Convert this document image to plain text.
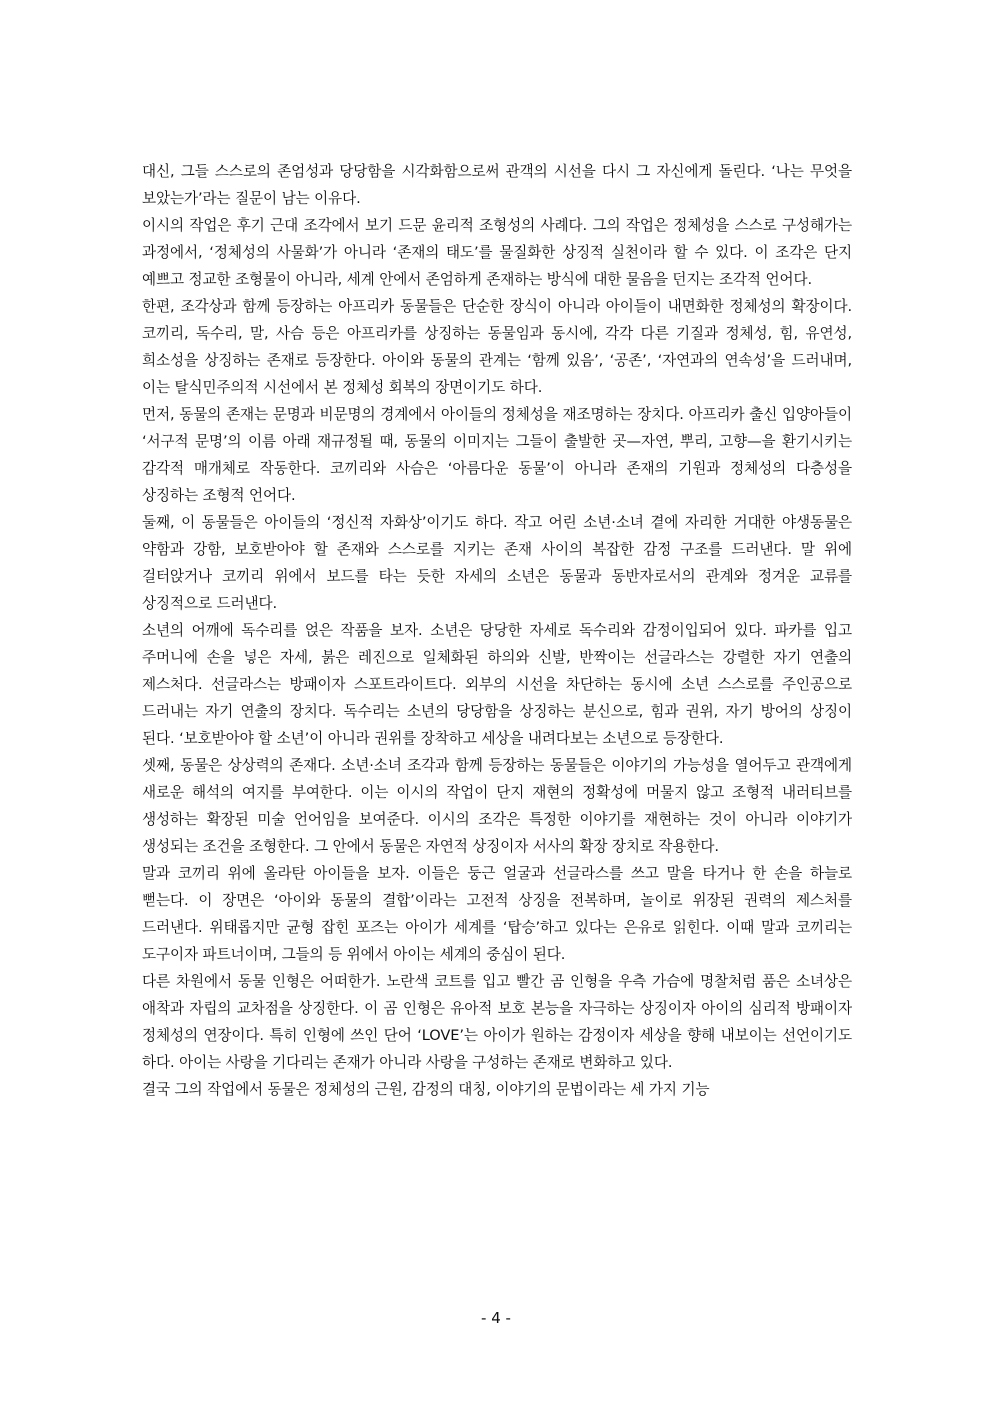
대신, 그들 스스로의 존엄성과 당당함을 시각화함으로써 관객의 시선을 다시 그 자신에게 돌린다. ‘나는 무엇을 보았는가’라는 질문이 남는 이유다.

이시의 작업은 후기 근대 조각에서 보기 드문 윤리적 조형성의 사례다. 그의 작업은 정체성을 스스로 구성해가는 과정에서, ‘정체성의 사물화’가 아니라 ‘존재의 태도’를 물질화한 상징적 실천이라 할 수 있다. 이 조각은 단지 예쁘고 정교한 조형물이 아니라, 세계 안에서 존엄하게 존재하는 방식에 대한 물음을 던지는 조각적 언어다.

한편, 조각상과 함께 등장하는 아프리카 동물들은 단순한 장식이 아니라 아이들이 내면화한 정체성의 확장이다. 코끼리, 독수리, 말, 사슴 등은 아프리카를 상징하는 동물임과 동시에, 각각 다른 기질과 정체성, 힘, 유연성, 희소성을 상징하는 존재로 등장한다. 아이와 동물의 관계는 ‘함께 있음’, ‘공존’, ‘자연과의 연속성’을 드러내며, 이는 탈식민주의적 시선에서 본 정체성 회복의 장면이기도 하다.

먼저, 동물의 존재는 문명과 비문명의 경계에서 아이들의 정체성을 재조명하는 장치다. 아프리카 출신 입양아들이 ‘서구적 문명’의 이름 아래 재규정될 때, 동물의 이미지는 그들이 출발한 곳—자연, 뿌리, 고향—을 환기시키는 감각적 매개체로 작동한다. 코끼리와 사슴은 ‘아름다운 동물’이 아니라 존재의 기원과 정체성의 다층성을 상징하는 조형적 언어다.

둘째, 이 동물들은 아이들의 ‘정신적 자화상’이기도 하다. 작고 어린 소년·소녀 곁에 자리한 거대한 야생동물은 약함과 강함, 보호받아야 할 존재와 스스로를 지키는 존재 사이의 복잡한 감정 구조를 드러낸다. 말 위에 걸터앉거나 코끼리 위에서 보드를 타는 듯한 자세의 소년은 동물과 동반자로서의 관계와 정겨운 교류를 상징적으로 드러낸다.

소년의 어깨에 독수리를 얹은 작품을 보자. 소년은 당당한 자세로 독수리와 감정이입되어 있다. 파카를 입고 주머니에 손을 넣은 자세, 붉은 레진으로 일체화된 하의와 신발, 반짝이는 선글라스는 강렬한 자기 연출의 제스처다. 선글라스는 방패이자 스포트라이트다. 외부의 시선을 차단하는 동시에 소년 스스로를 주인공으로 드러내는 자기 연출의 장치다. 독수리는 소년의 당당함을 상징하는 분신으로, 힘과 권위, 자기 방어의 상징이 된다. ‘보호받아야 할 소년’이 아니라 권위를 장착하고 세상을 내려다보는 소년으로 등장한다.

셋째, 동물은 상상력의 존재다. 소년·소녀 조각과 함께 등장하는 동물들은 이야기의 가능성을 열어두고 관객에게 새로운 해석의 여지를 부여한다. 이는 이시의 작업이 단지 재현의 정확성에 머물지 않고 조형적 내러티브를 생성하는 확장된 미술 언어임을 보여준다. 이시의 조각은 특정한 이야기를 재현하는 것이 아니라 이야기가 생성되는 조건을 조형한다. 그 안에서 동물은 자연적 상징이자 서사의 확장 장치로 작용한다.

말과 코끼리 위에 올라탄 아이들을 보자. 이들은 둥근 얼굴과 선글라스를 쓰고 말을 타거나 한 손을 하늘로 뻗는다. 이 장면은 ‘아이와 동물의 결합’이라는 고전적 상징을 전복하며, 놀이로 위장된 권력의 제스처를 드러낸다. 위태롭지만 균형 잡힌 포즈는 아이가 세계를 ‘탑승’하고 있다는 은유로 읽힌다. 이때 말과 코끼리는 도구이자 파트너이며, 그들의 등 위에서 아이는 세계의 중심이 된다.

다른 차원에서 동물 인형은 어떠한가. 노란색 코트를 입고 빨간 곰 인형을 우측 가슴에 명찰처럼 품은 소녀상은 애착과 자립의 교차점을 상징한다. 이 곰 인형은 유아적 보호 본능을 자극하는 상징이자 아이의 심리적 방패이자 정체성의 연장이다. 특히 인형에 쓰인 단어 ‘LOVE’는 아이가 원하는 감정이자 세상을 향해 내보이는 선언이기도 하다. 아이는 사랑을 기다리는 존재가 아니라 사랑을 구성하는 존재로 변화하고 있다.

결국 그의 작업에서 동물은 정체성의 근원, 감정의 대칭, 이야기의 문법이라는 세 가지 기능

- 4 -
